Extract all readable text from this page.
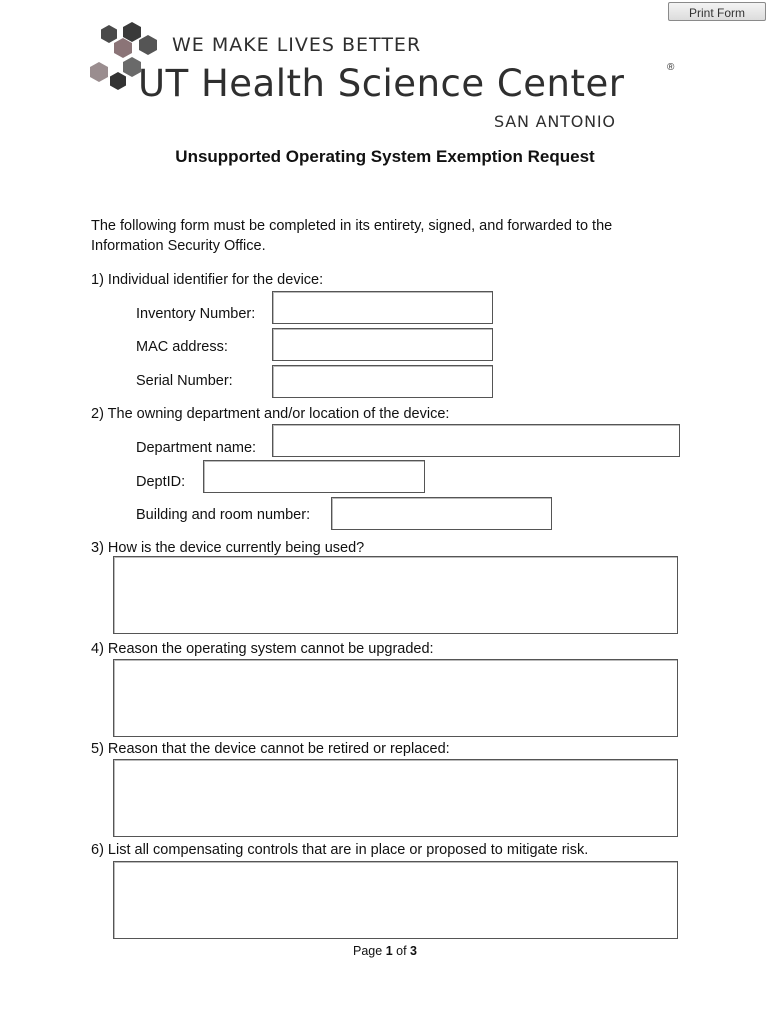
Print Form
WE MAKE LIVES BETTER
UT Health Science Center	®
SAN ANTONIO
Unsupported Operating System Exemption Request
The following form must be completed in its entirety, signed, and forwarded to the
Information Security Office.
1) Individual identifier for the device:
Inventory Number:
MAC address:
Serial Number:
2) The owning department and/or location of the device:
Department name:
DeptID:
Building and room number:
3) How is the device currently being used?
4) Reason the operating system cannot be upgraded:
5) Reason that the device cannot be retired or replaced:
6) List all compensating controls that are in place or proposed to mitigate risk.
Page 1 of 3
